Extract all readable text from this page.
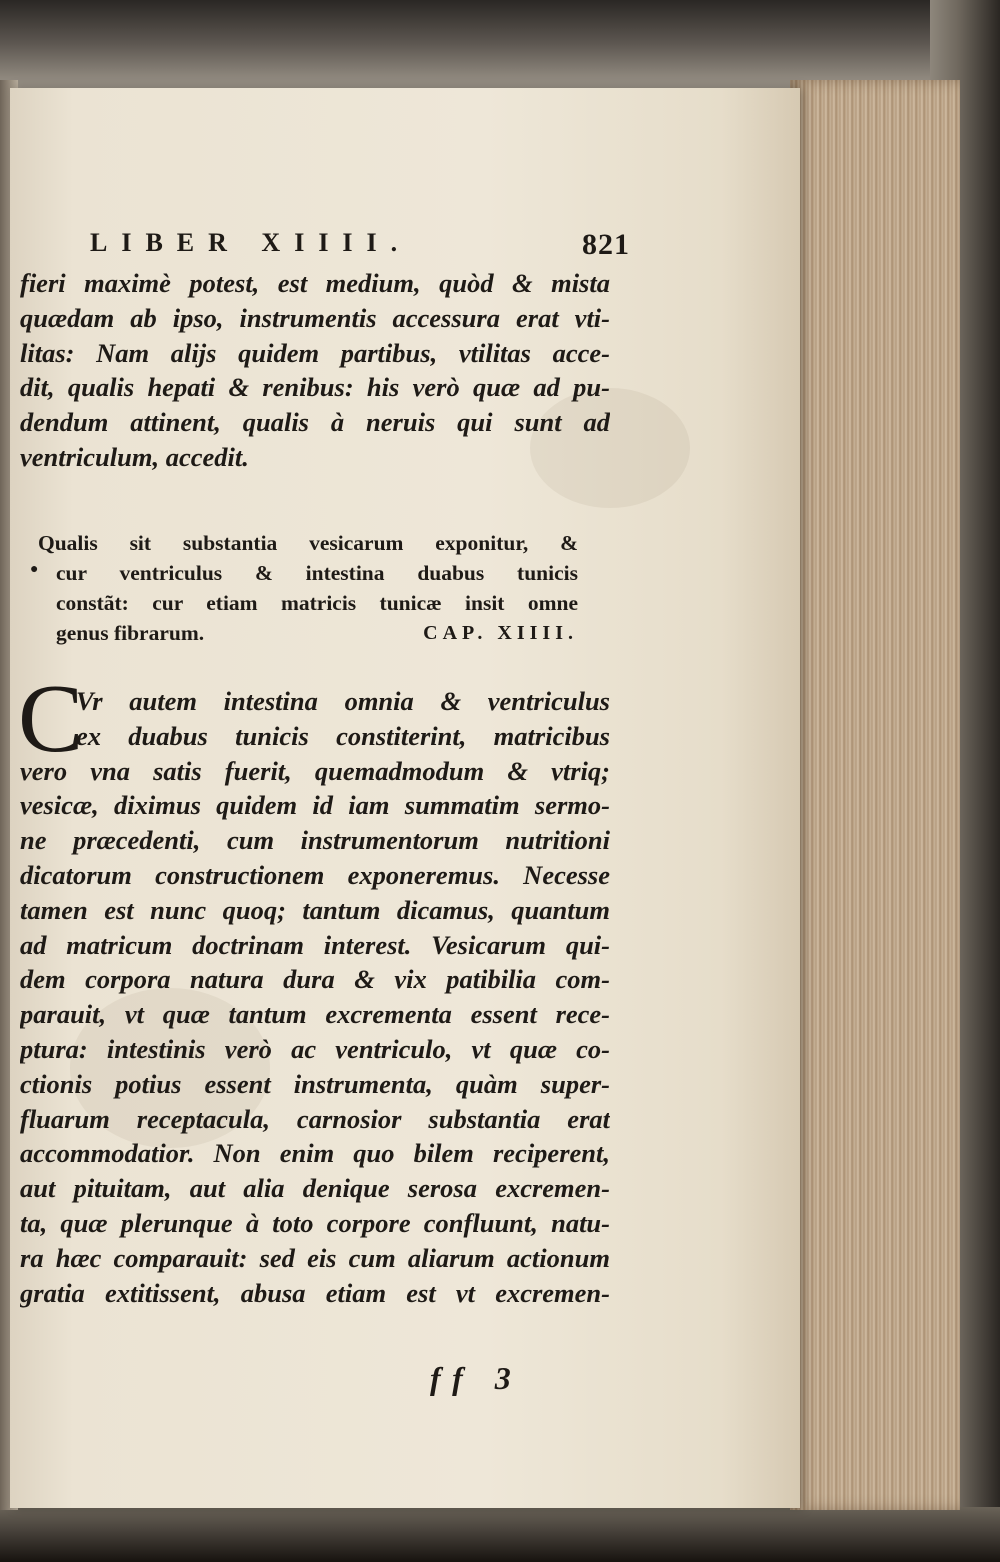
LIBER XIIII.	821
fieri maximè potest, est medium, quòd & mista
quædam ab ipso, instrumentis accessura erat vti-
litas: Nam alijs quidem partibus, vtilitas acce-
dit, qualis hepati & renibus: his verò quæ ad pu-
dendum attinent, qualis à neruis qui sunt ad
ventriculum, accedit.
●
Qualis sit substantia vesicarum exponitur, &
cur ventriculus & intestina duabus tunicis
constãt: cur etiam matricis tunicæ insit omne
genus fibrarum.	CAP. XIIII.
C
Vr autem intestina omnia & ventriculus
ex duabus tunicis constiterint, matricibus
vero vna satis fuerit, quemadmodum & vtriq;
vesicæ, diximus quidem id iam summatim sermo-
ne præcedenti, cum instrumentorum nutritioni
dicatorum constructionem exponeremus. Necesse
tamen est nunc quoq; tantum dicamus, quantum
ad matricum doctrinam interest. Vesicarum qui-
dem corpora natura dura & vix patibilia com-
parauit, vt quæ tantum excrementa essent rece-
ptura: intestinis verò ac ventriculo, vt quæ co-
ctionis potius essent instrumenta, quàm super-
fluarum receptacula, carnosior substantia erat
accommodatior. Non enim quo bilem reciperent,
aut pituitam, aut alia denique serosa excremen-
ta, quæ plerunque à toto corpore confluunt, natu-
ra hæc comparauit: sed eis cum aliarum actionum
gratia extitissent, abusa etiam est vt excremen-
ff 3
